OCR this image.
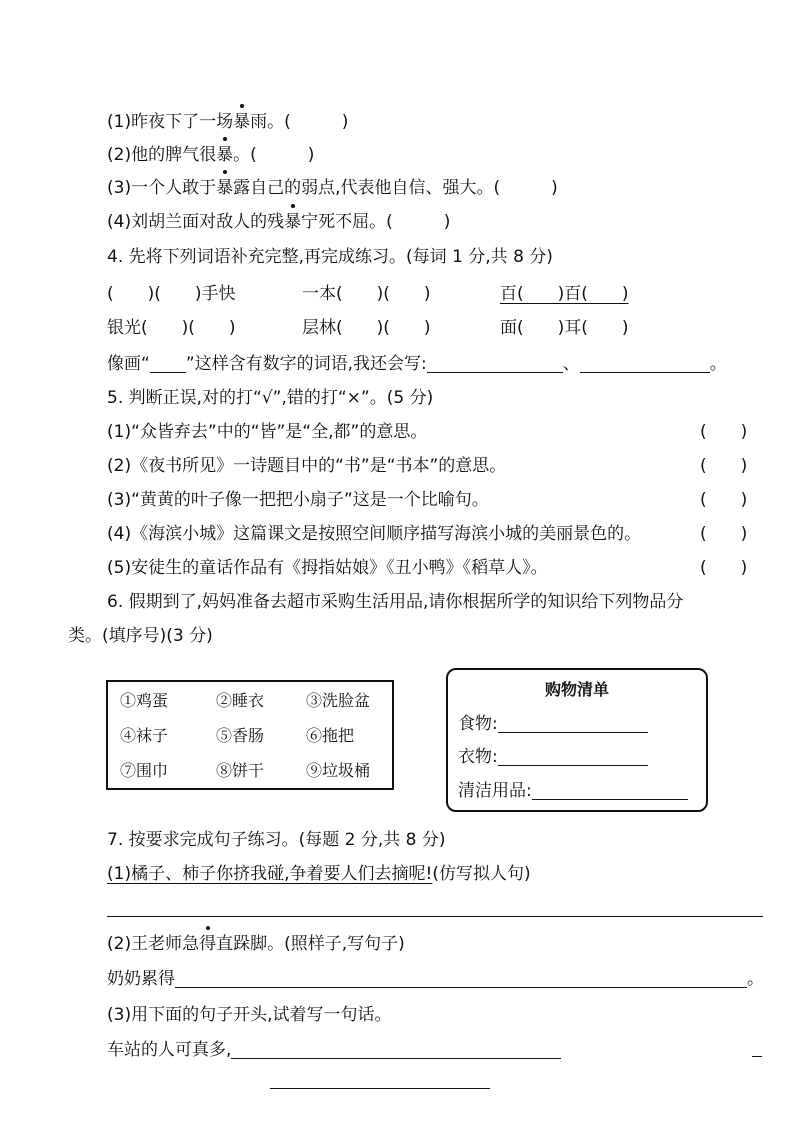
(1)昨夜下了一场暴雨。(　　　)
(2)他的脾气很暴。(　　　)
(3)一个人敢于暴露自己的弱点,代表他自信、强大。(　　　)
(4)刘胡兰面对敌人的残暴宁死不屈。(　　　)
4. 先将下列词语补充完整,再完成练习。(每词 1 分,共 8 分)
(　　)(　　)手快	一本(　　)(　　)	百(　　)百(　　)
银光(　　)(　　)	层林(　　)(　　)	面(　　)耳(　　)
像画“ ”这样含有数字的词语,我还会写:	、	。
5. 判断正误,对的打“√”,错的打“×”。(5 分)
(1)“众皆弃去”中的“皆”是“全,都”的意思。	(　　)
(2)《夜书所见》一诗题目中的“书”是“书本”的意思。	(　　)
(3)“黄黄的叶子像一把把小扇子”这是一个比喻句。	(　　)
(4)《海滨小城》这篇课文是按照空间顺序描写海滨小城的美丽景色的。	(　　)
(5)安徒生的童话作品有《拇指姑娘》《丑小鸭》《稻草人》。	(　　)
6. 假期到了,妈妈准备去超市采购生活用品,请你根据所学的知识给下列物品分
类。(填序号)(3 分)
①鸡蛋	②睡衣	③洗脸盆
④袜子	⑤香肠	⑥拖把
⑦围巾	⑧饼干	⑨垃圾桶
购物清单
食物:
衣物:
清洁用品:
7. 按要求完成句子练习。(每题 2 分,共 8 分)
(1)橘子、柿子你挤我碰,争着要人们去摘呢!(仿写拟人句)
(2)王老师急得直跺脚。(照样子,写句子)
奶奶累得	。
(3)用下面的句子开头,试着写一句话。
车站的人可真多,
